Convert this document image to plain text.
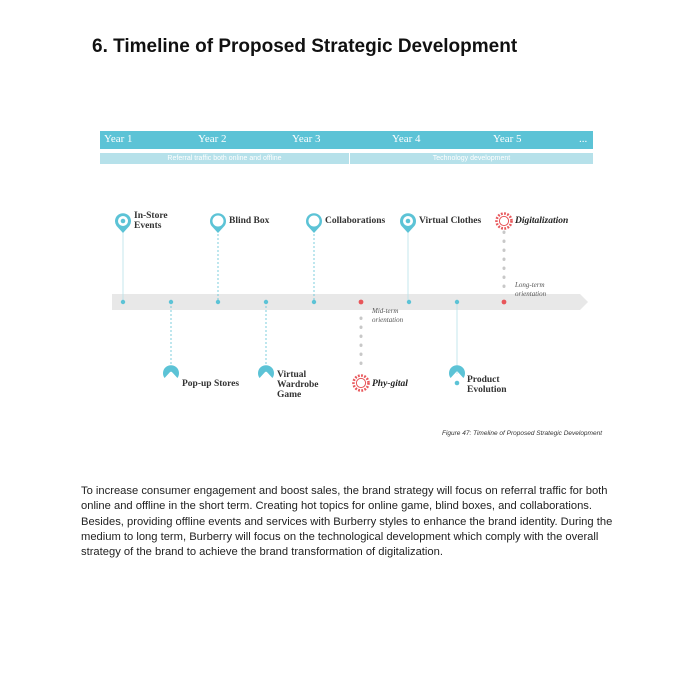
6. Timeline of Proposed Strategic Development
Year 1	Year 2	Year 3	Year 4	Year 5	...
Referral traffic both online and offline	Technology development
In-Store
Events	Blind Box	Collaborations	Virtual Clothes	Digitalization
Pop-up Stores
Virtual
Wardrobe
Game
Phy-gital	Product
Evolution
Mid-term
orientation
Long-term
orientation
Figure 47: Timeline of Proposed Strategic Development

To increase consumer engagement and boost sales, the brand strategy will focus on referral traffic for both online and offline in the short term. Creating hot topics for online game, blind boxes, and collaborations. Besides, providing offline events and services with Burberry styles to enhance the brand identity. During the medium to long term, Burberry will focus on the technological development which comply with the overall strategy of the brand to achieve the brand transformation of digitalization.
